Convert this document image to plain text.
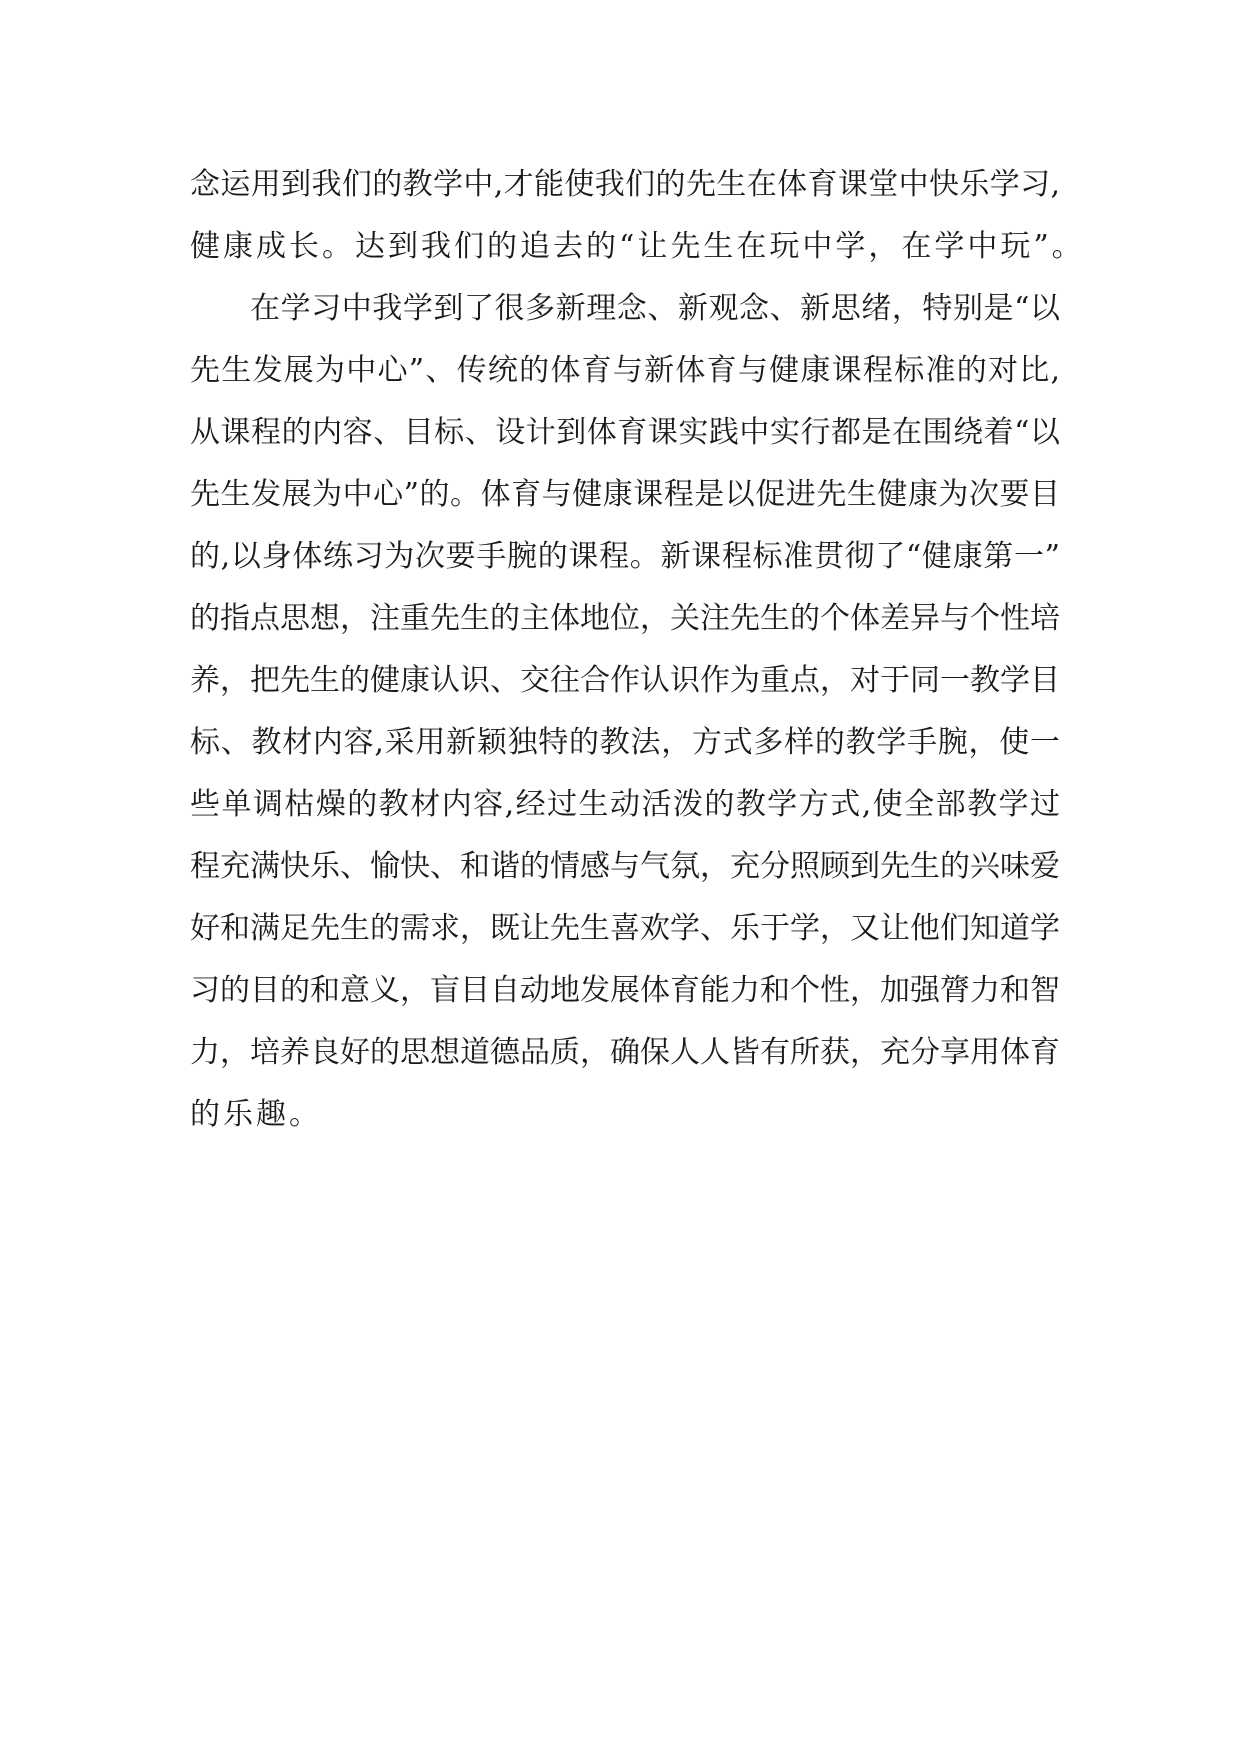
念运用到我们的教学中,才能使我们的先生在体育课堂中快乐学习,
健康成长。达到我们的追去的“让先生在玩中学，在学中玩”。
在学习中我学到了很多新理念、新观念、新思绪，特别是“以
先生发展为中心”、传统的体育与新体育与健康课程标准的对比,
从课程的内容、目标、设计到体育课实践中实行都是在围绕着“以
先生发展为中心”的。体育与健康课程是以促进先生健康为次要目
的,以身体练习为次要手腕的课程。新课程标准贯彻了“健康第一”
的指点思想，注重先生的主体地位，关注先生的个体差异与个性培
养，把先生的健康认识、交往合作认识作为重点，对于同一教学目
标、教材内容,采用新颖独特的教法，方式多样的教学手腕，使一
些单调枯燥的教材内容,经过生动活泼的教学方式,使全部教学过
程充满快乐、愉快、和谐的情感与气氛，充分照顾到先生的兴味爱
好和满足先生的需求，既让先生喜欢学、乐于学，又让他们知道学
习的目的和意义，盲目自动地发展体育能力和个性，加强膂力和智
力，培养良好的思想道德品质，确保人人皆有所获，充分享用体育
的乐趣。
